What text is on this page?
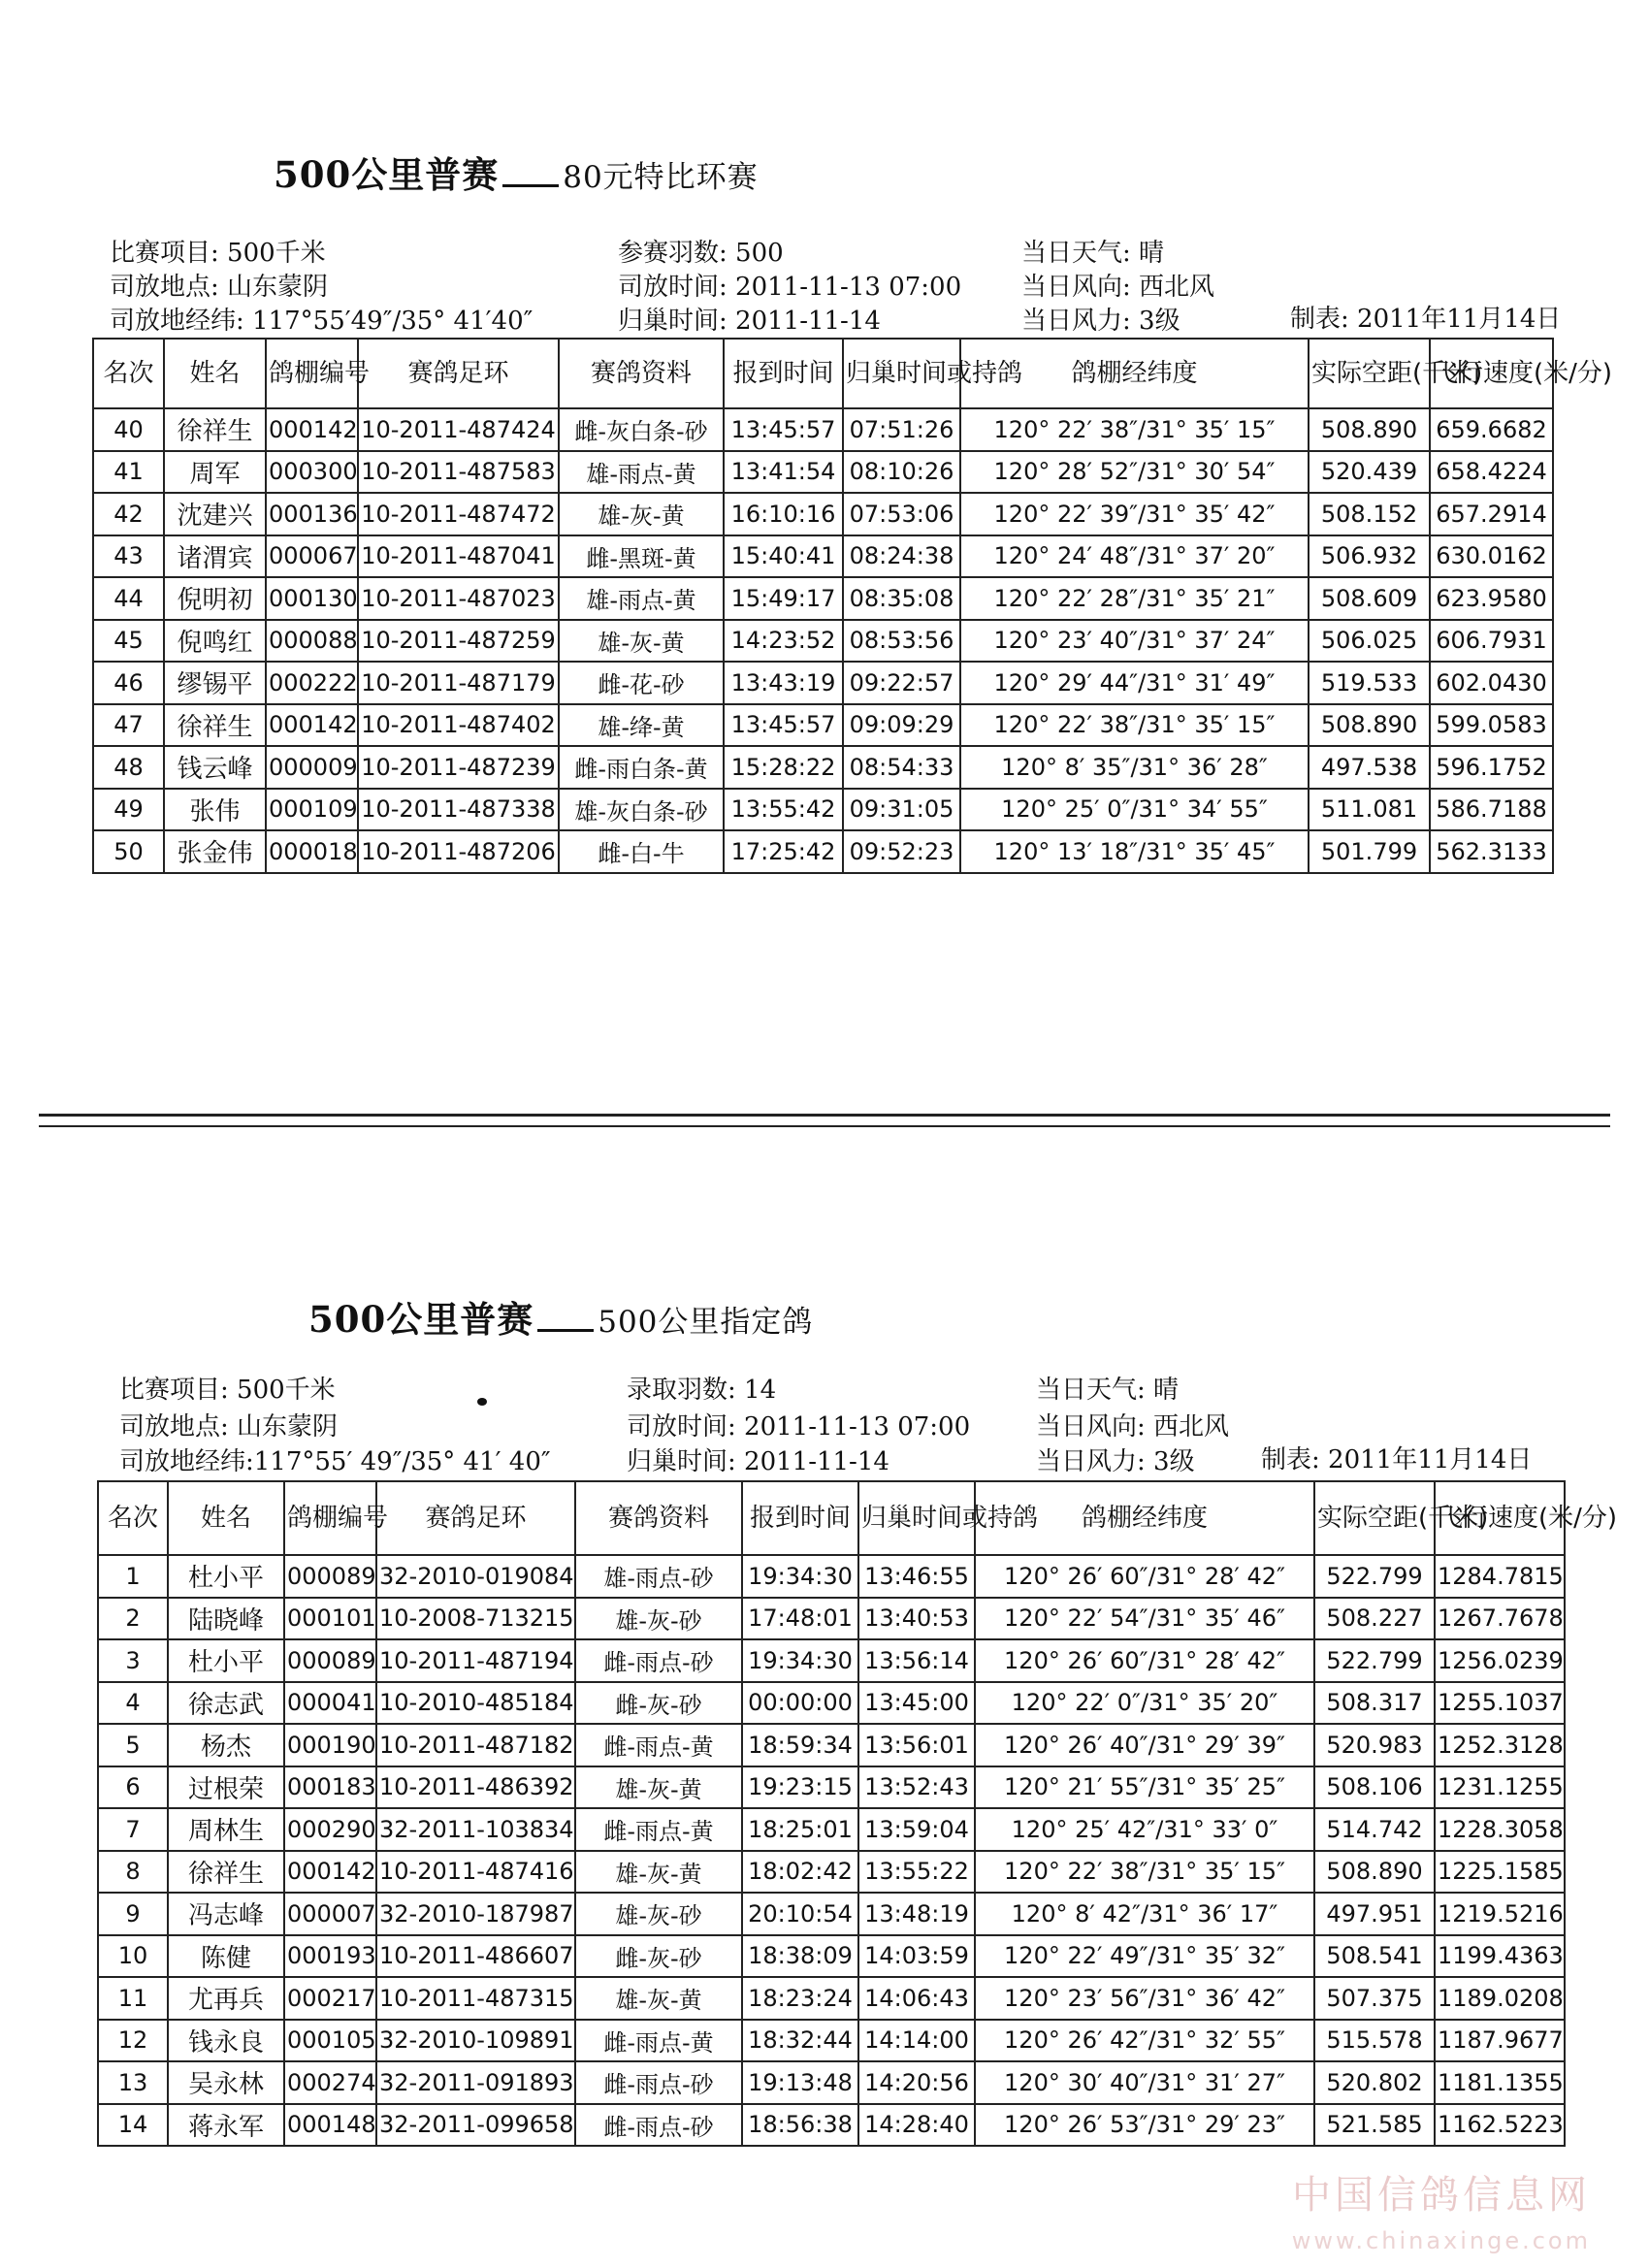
500公里普赛 80元特比环赛
比赛项目: 500千米
司放地点: 山东蒙阴
司放地经纬: 117°55′49″/35° 41′40″
参赛羽数: 500
司放时间: 2011-11-13 07:00
归巢时间: 2011-11-14
当日天气: 晴
当日风向: 西北风
当日风力: 3级	制表: 2011年11月14日
名次	姓名	鸽棚编号	赛鸽足环	赛鸽资料	报到时间	归巢时间或持鸽	鸽棚经纬度	实际空距(千米)	飞行速度(米/分)
40	徐祥生	000142	10-2011-487424	雌-灰白条-砂	13:45:57	07:51:26	120° 22′ 38″/31° 35′ 15″	508.890	659.6682
41	周军	000300	10-2011-487583	雄-雨点-黄	13:41:54	08:10:26	120° 28′ 52″/31° 30′ 54″	520.439	658.4224
42	沈建兴	000136	10-2011-487472	雄-灰-黄	16:10:16	07:53:06	120° 22′ 39″/31° 35′ 42″	508.152	657.2914
43	诸渭宾	000067	10-2011-487041	雌-黑斑-黄	15:40:41	08:24:38	120° 24′ 48″/31° 37′ 20″	506.932	630.0162
44	倪明初	000130	10-2011-487023	雄-雨点-黄	15:49:17	08:35:08	120° 22′ 28″/31° 35′ 21″	508.609	623.9580
45	倪鸣红	000088	10-2011-487259	雄-灰-黄	14:23:52	08:53:56	120° 23′ 40″/31° 37′ 24″	506.025	606.7931
46	缪锡平	000222	10-2011-487179	雌-花-砂	13:43:19	09:22:57	120° 29′ 44″/31° 31′ 49″	519.533	602.0430
47	徐祥生	000142	10-2011-487402	雄-绛-黄	13:45:57	09:09:29	120° 22′ 38″/31° 35′ 15″	508.890	599.0583
48	钱云峰	000009	10-2011-487239	雌-雨白条-黄	15:28:22	08:54:33	120° 8′ 35″/31° 36′ 28″	497.538	596.1752
49	张伟	000109	10-2011-487338	雄-灰白条-砂	13:55:42	09:31:05	120° 25′ 0″/31° 34′ 55″	511.081	586.7188
50	张金伟	000018	10-2011-487206	雌-白-牛	17:25:42	09:52:23	120° 13′ 18″/31° 35′ 45″	501.799	562.3133
500公里普赛 500公里指定鸽
比赛项目: 500千米
司放地点: 山东蒙阴
司放地经纬:117°55′ 49″/35° 41′ 40″
录取羽数: 14
司放时间: 2011-11-13 07:00
归巢时间: 2011-11-14
当日天气: 晴
当日风向: 西北风
当日风力: 3级	制表: 2011年11月14日
名次	姓名	鸽棚编号	赛鸽足环	赛鸽资料	报到时间	归巢时间或持鸽	鸽棚经纬度	实际空距(千米)	飞行速度(米/分)
1	杜小平	000089	32-2010-019084	雄-雨点-砂	19:34:30	13:46:55	120° 26′ 60″/31° 28′ 42″	522.799	1284.7815
2	陆晓峰	000101	10-2008-713215	雄-灰-砂	17:48:01	13:40:53	120° 22′ 54″/31° 35′ 46″	508.227	1267.7678
3	杜小平	000089	10-2011-487194	雌-雨点-砂	19:34:30	13:56:14	120° 26′ 60″/31° 28′ 42″	522.799	1256.0239
4	徐志武	000041	10-2010-485184	雌-灰-砂	00:00:00	13:45:00	120° 22′ 0″/31° 35′ 20″	508.317	1255.1037
5	杨杰	000190	10-2011-487182	雌-雨点-黄	18:59:34	13:56:01	120° 26′ 40″/31° 29′ 39″	520.983	1252.3128
6	过根荣	000183	10-2011-486392	雄-灰-黄	19:23:15	13:52:43	120° 21′ 55″/31° 35′ 25″	508.106	1231.1255
7	周林生	000290	32-2011-103834	雌-雨点-黄	18:25:01	13:59:04	120° 25′ 42″/31° 33′ 0″	514.742	1228.3058
8	徐祥生	000142	10-2011-487416	雄-灰-黄	18:02:42	13:55:22	120° 22′ 38″/31° 35′ 15″	508.890	1225.1585
9	冯志峰	000007	32-2010-187987	雄-灰-砂	20:10:54	13:48:19	120° 8′ 42″/31° 36′ 17″	497.951	1219.5216
10	陈健	000193	10-2011-486607	雌-灰-砂	18:38:09	14:03:59	120° 22′ 49″/31° 35′ 32″	508.541	1199.4363
11	尤再兵	000217	10-2011-487315	雄-灰-黄	18:23:24	14:06:43	120° 23′ 56″/31° 36′ 42″	507.375	1189.0208
12	钱永良	000105	32-2010-109891	雌-雨点-黄	18:32:44	14:14:00	120° 26′ 42″/31° 32′ 55″	515.578	1187.9677
13	吴永林	000274	32-2011-091893	雌-雨点-砂	19:13:48	14:20:56	120° 30′ 40″/31° 31′ 27″	520.802	1181.1355
14	蒋永军	000148	32-2011-099658	雌-雨点-砂	18:56:38	14:28:40	120° 26′ 53″/31° 29′ 23″	521.585	1162.5223
中国信鸽信息网
www.chinaxinge.com
